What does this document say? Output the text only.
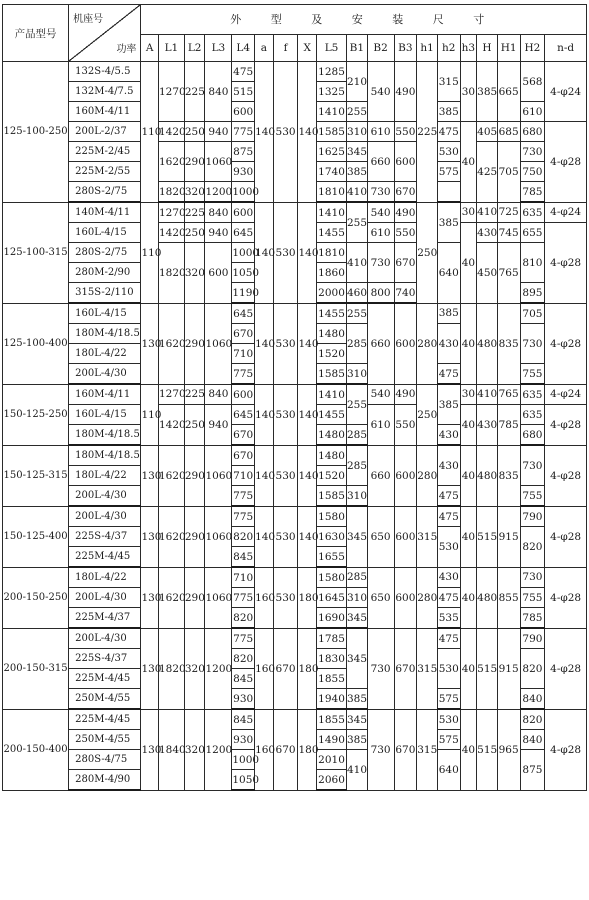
产品型号	机座号
功率	外 型 及 安 装 尺 寸																		
		A	L1	L2	L3	L4	a	f	X	L5	B1	B2	B3	h1	h2	h3	H	H1	H2	n-d
125-100-250	132S-4/5.5	110	1270	225	840	475	140	530	140	1285	210	540	490	225	315	30	385	665	568	4-φ24
	132M-4/7.5					515				1325										
	160M-4/11					600				1410	255				385				610	
	200L-2/37		1420	250	940	775				1585	310	610	550		475	40	405	685	680	4-φ28
	225M-2/45		1620	290	1060	875				1625	345	660	600		530		425	705	730	
	225M-2/55					930				1740	385				575				750	
	280S-2/75		1820	320	1200	1000				1810	410	730	670						785	
125-100-315	140M-4/11	110	1270	225	840	600	140	530	140	1410	255	540	490	250	385	30	410	725	635	4-φ24
	160L-4/15		1420	250	940	645				1455		610	550			40	430	745	655	4-φ28
	280S-2/75		1820	320	600	1000				1810	410	730	670		640		450	765	810	
	280M-2/90					1050				1860										
	315S-2/110					1190				2000	460	800	740						895	
125-100-400	160L-4/15	130	1620	290	1060	645	140	530	140	1455	255	660	600	280	385	40	480	835	705	4-φ28
	180M-4/18.5					670				1480	285				430				730	
	180L-4/22					710				1520										
	200L-4/30					775				1585	310				475				755	
150-125-250	160M-4/11	110	1270	225	840	600	140	530	140	1410	255	540	490	250	385	30	410	765	635	4-φ24
	160L-4/15		1420	250	940	645				1455		610	550			40	430	785	635	4-φ28
	180M-4/18.5					670				1480	285				430				680	
150-125-315	180M-4/18.5	130	1620	290	1060	670	140	530	140	1480	285	660	600	280	430	40	480	835	730	4-φ28
	180L-4/22					710				1520										
	200L-4/30					775				1585	310				475				755	
150-125-400	200L-4/30	130	1620	290	1060	775	140	530	140	1580	345	650	600	315	475	40	515	915	790	4-φ28
	225S-4/37					820				1630					530				820	
	225M-4/45					845				1655										
200-150-250	180L-4/22	130	1620	290	1060	710	160	530	180	1580	285	650	600	280	430	40	480	855	730	4-φ28
	200L-4/30					775				1645	310				475				755	
	225M-4/37					820				1690	345				535				785	
200-150-315	200L-4/30	130	1820	320	1200	775	160	670	180	1785	345	730	670	315	475	40	515	915	790	4-φ28
	225S-4/37					820				1830					530				820	
	225M-4/45					845				1855										
	250M-4/55					930				1940	385				575				840	
200-150-400	225M-4/45	130	1840	320	1200	845	160	670	180	1855	345	730	670	315	530	40	515	965	820	4-φ28
	250M-4/55					930				1490	385				575				840	
	280S-4/75					1000				2010	410				640				875	
	280M-4/90					1050				2060										
